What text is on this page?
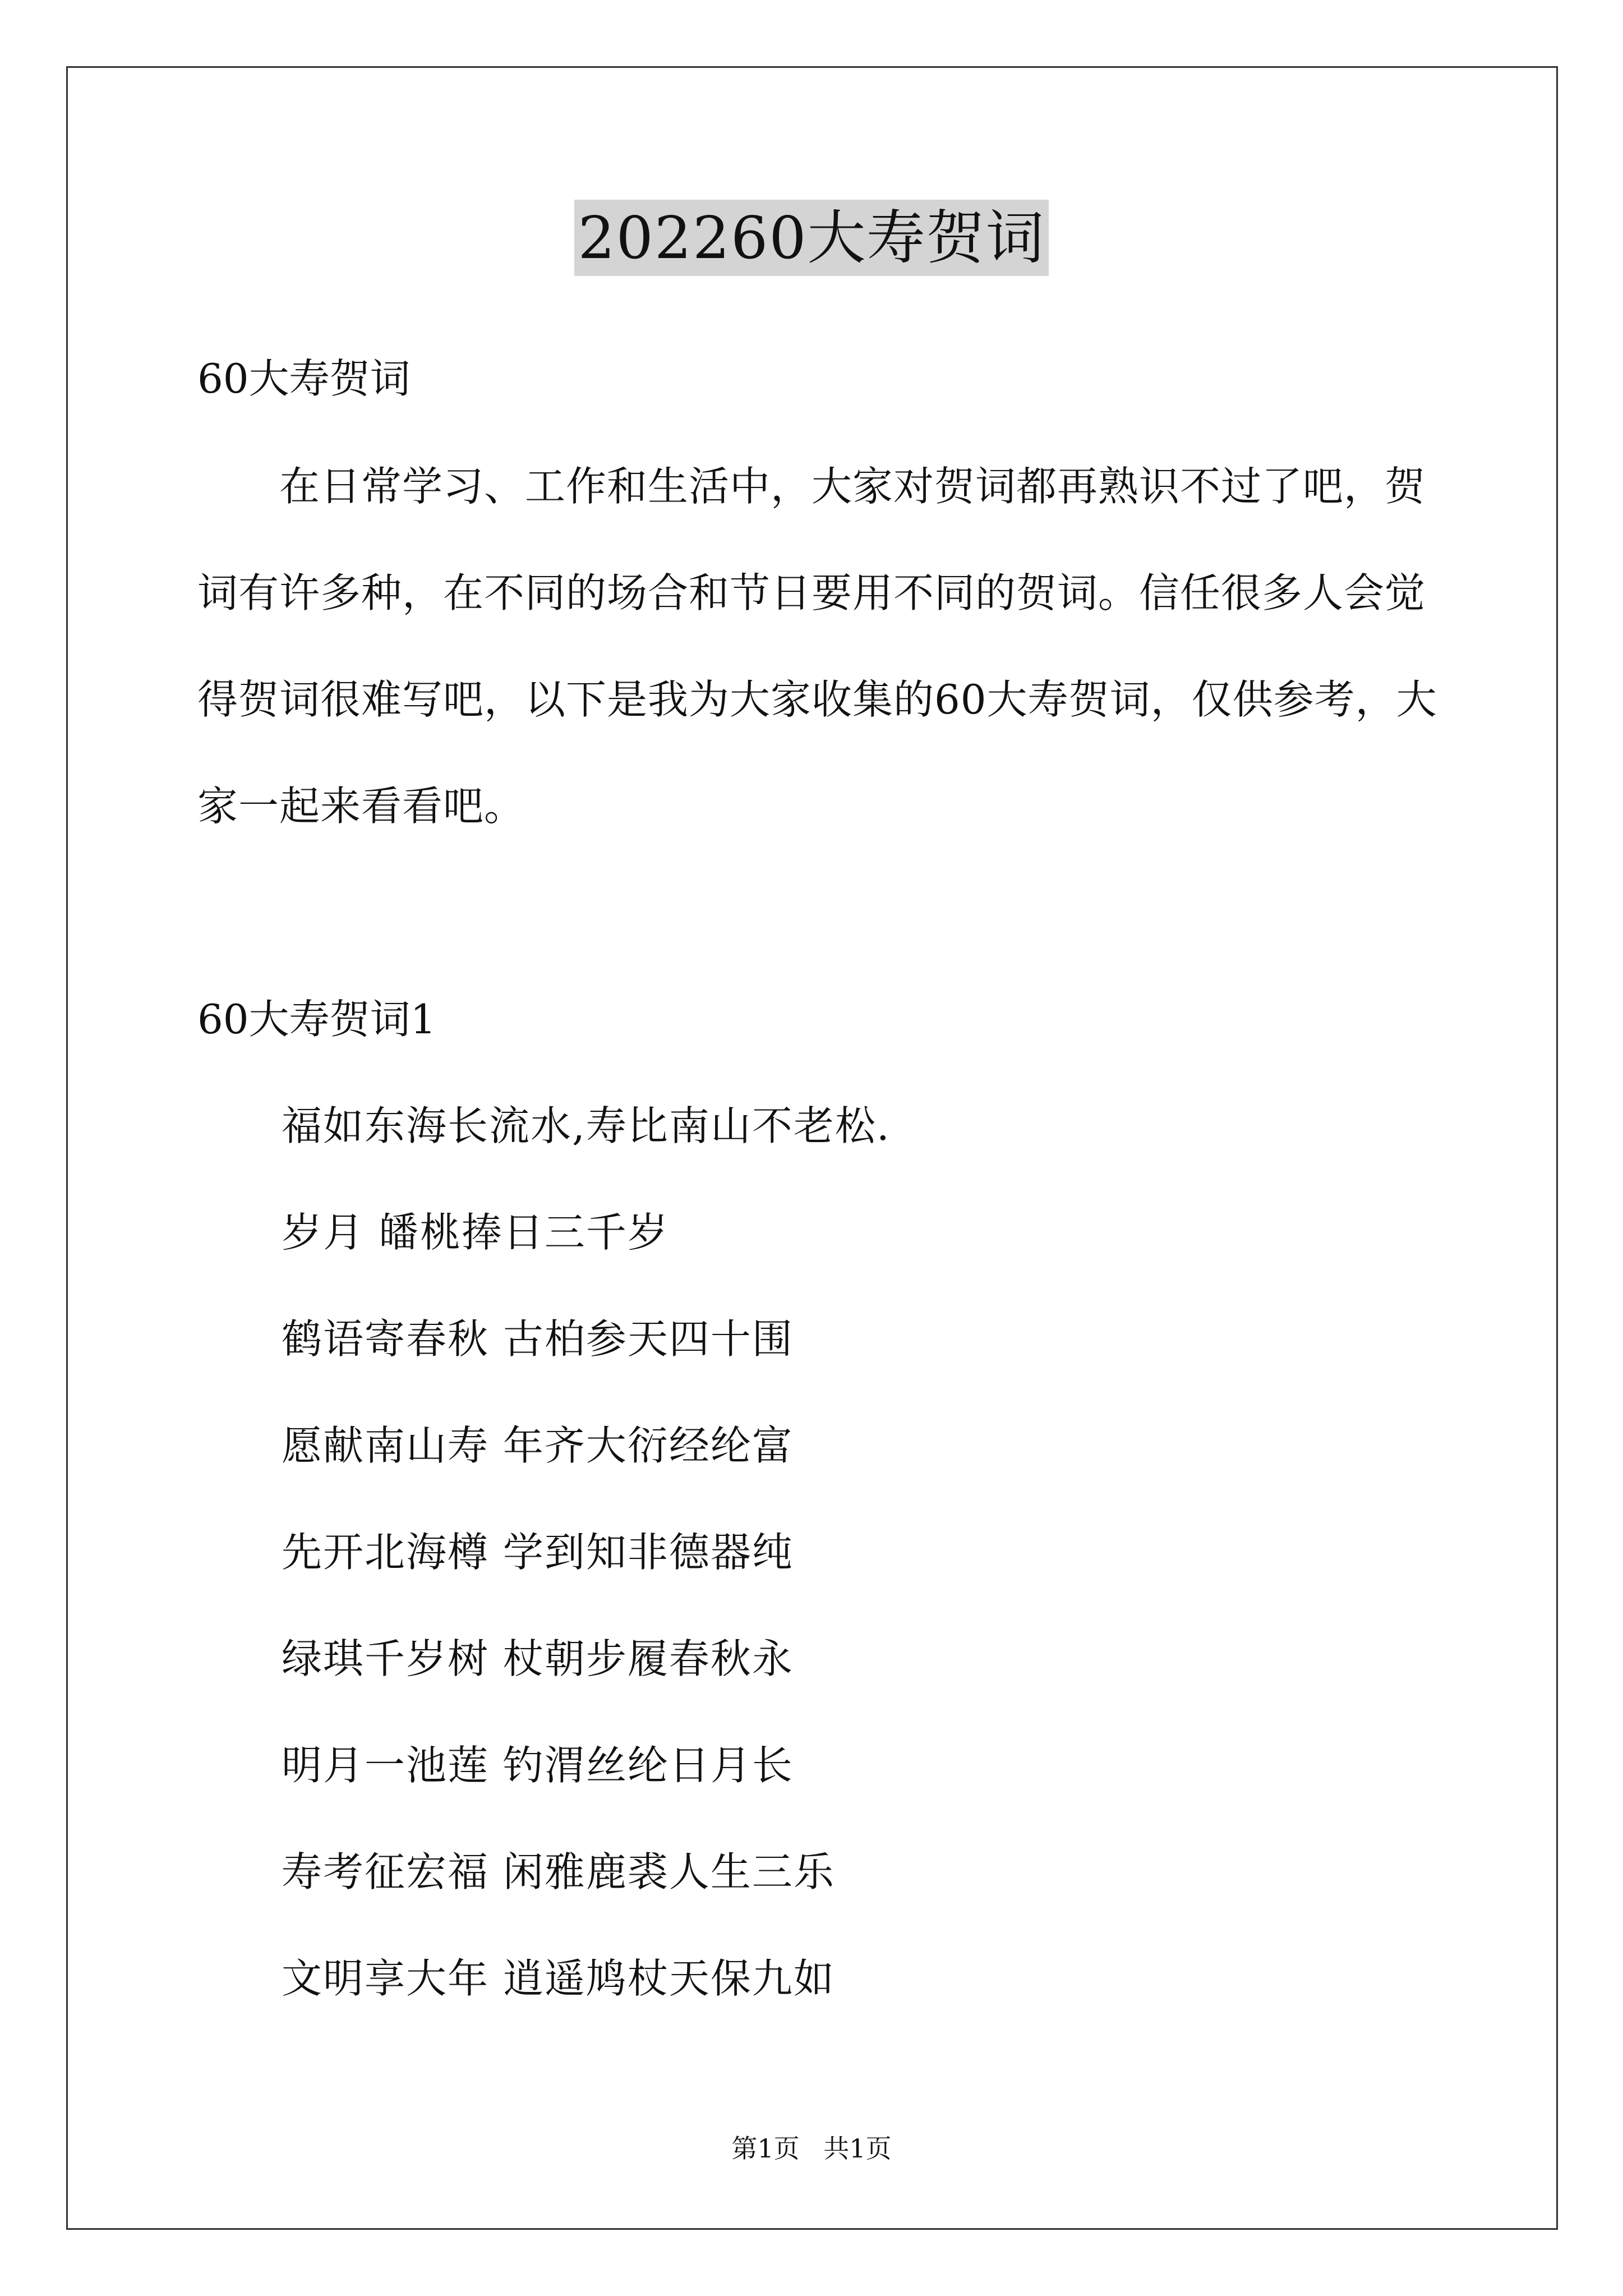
202260大寿贺词
60大寿贺词
　　在日常学习、工作和生活中，大家对贺词都再熟识不过了吧，贺
词有许多种，在不同的场合和节日要用不同的贺词。信任很多人会觉
得贺词很难写吧，以下是我为大家收集的60大寿贺词，仅供参考，大
家一起来看看吧。
60大寿贺词1
福如东海长流水,寿比南山不老松.
岁月 皤桃捧日三千岁
鹤语寄春秋 古柏参天四十围
愿献南山寿 年齐大衍经纶富
先开北海樽 学到知非德器纯
绿琪千岁树 杖朝步履春秋永
明月一池莲 钓渭丝纶日月长
寿考征宏福 闲雅鹿裘人生三乐
文明享大年 逍遥鸠杖天保九如
第1页 共1页
